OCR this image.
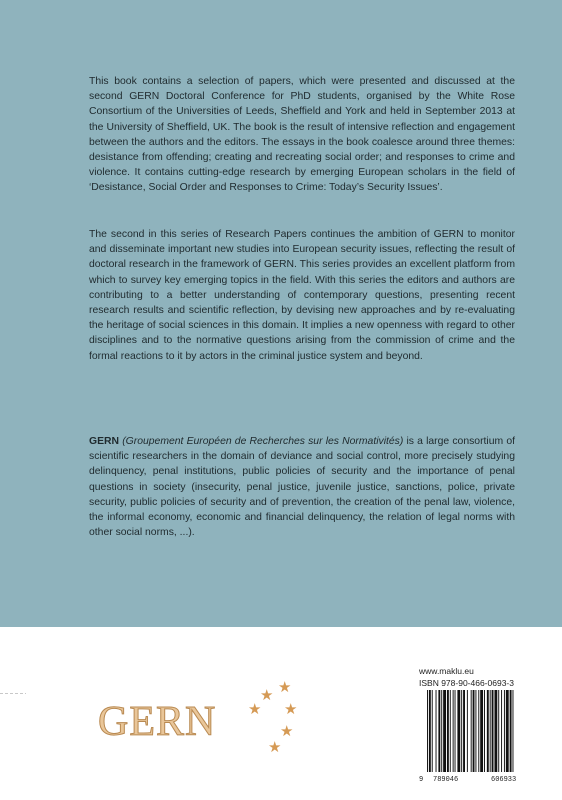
This book contains a selection of papers, which were presented and discussed at the second GERN Doctoral Conference for PhD students, organised by the White Rose Consortium of the Universities of Leeds, Sheffield and York and held in September 2013 at the University of Sheffield, UK. The book is the result of intensive reflection and engagement between the authors and the editors. The essays in the book coalesce around three themes: desistance from offending; creating and recreating social order; and responses to crime and violence. It contains cutting-edge research by emerging European scholars in the field of ‘Desistance, Social Order and Responses to Crime: Today’s Security Issues’.

The second in this series of Research Papers continues the ambition of GERN to monitor and disseminate important new studies into European security issues, reflecting the result of doctoral research in the framework of GERN. This series provides an excellent platform from which to survey key emerging topics in the field. With this series the editors and authors are contributing to a better understanding of contemporary questions, presenting recent research results and scientific reflection, by devising new approaches and by re-evaluating the heritage of social sciences in this domain. It implies a new openness with regard to other disciplines and to the normative questions arising from the commission of crime and the formal reactions to it by actors in the criminal justice system and beyond.

GERN (Groupement Européen de Recherches sur les Normativités) is a large consortium of scientific researchers in the domain of deviance and social control, more precisely studying delinquency, penal institutions, public policies of security and the importance of penal questions in society (insecurity, penal justice, juvenile justice, sanctions, police, private security, public policies of security and of prevention, the creation of the penal law, violence, the informal economy, economic and financial delinquency, the relation of legal norms with other social norms, ...).

GERN ★
★ ★
★
★
★
www.maklu.eu
ISBN 978-90-466-0693-3
9 789046	606933
